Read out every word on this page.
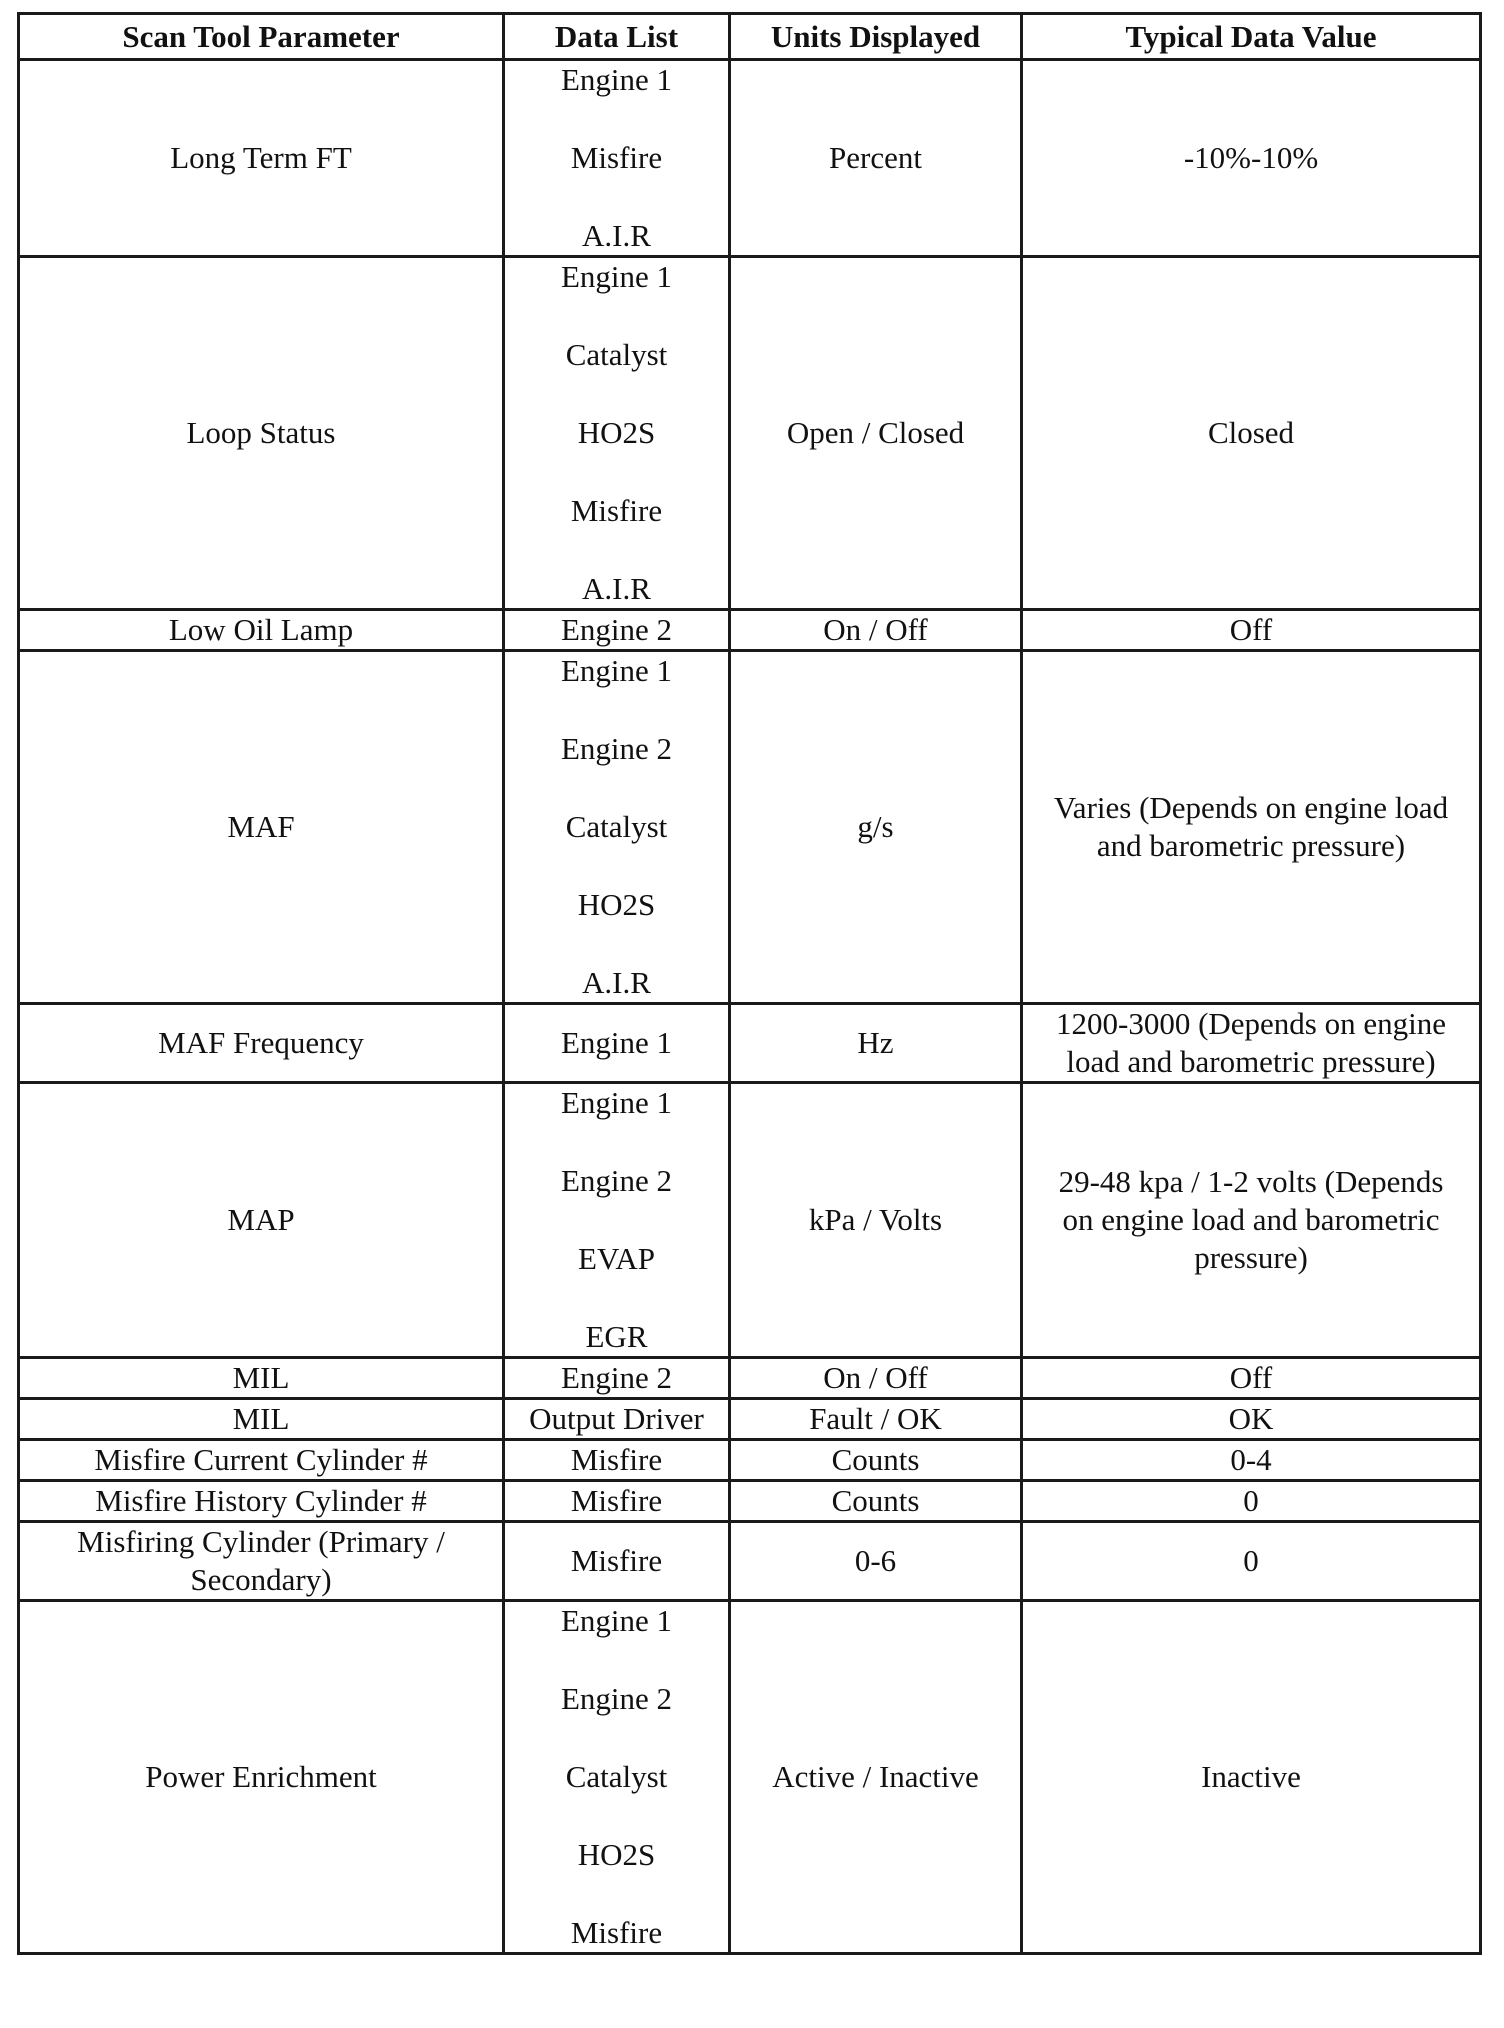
Scan Tool Parameter	Data List	Units Displayed	Typical Data Value

Long Term FT	Engine 1
Misfire
A.I.R	Percent	-10%-10%

Loop Status	Engine 1
Catalyst
HO2S
Misfire
A.I.R	Open / Closed	Closed

Low Oil Lamp	Engine 2	On / Off	Off

MAF	Engine 1
Engine 2
Catalyst
HO2S
A.I.R	g/s	Varies (Depends on engine load and barometric pressure)

MAF Frequency	Engine 1	Hz	1200-3000 (Depends on engine load and barometric pressure)

MAP	Engine 1
Engine 2
EVAP
EGR	kPa / Volts	29-48 kpa / 1-2 volts (Depends on engine load and barometric pressure)

MIL	Engine 2	On / Off	Off

MIL	Output Driver	Fault / OK	OK

Misfire Current Cylinder #	Misfire	Counts	0-4

Misfire History Cylinder #	Misfire	Counts	0

Misfiring Cylinder (Primary / Secondary)	Misfire	0-6	0

Power Enrichment	Engine 1
Engine 2
Catalyst
HO2S
Misfire	Active / Inactive	Inactive
